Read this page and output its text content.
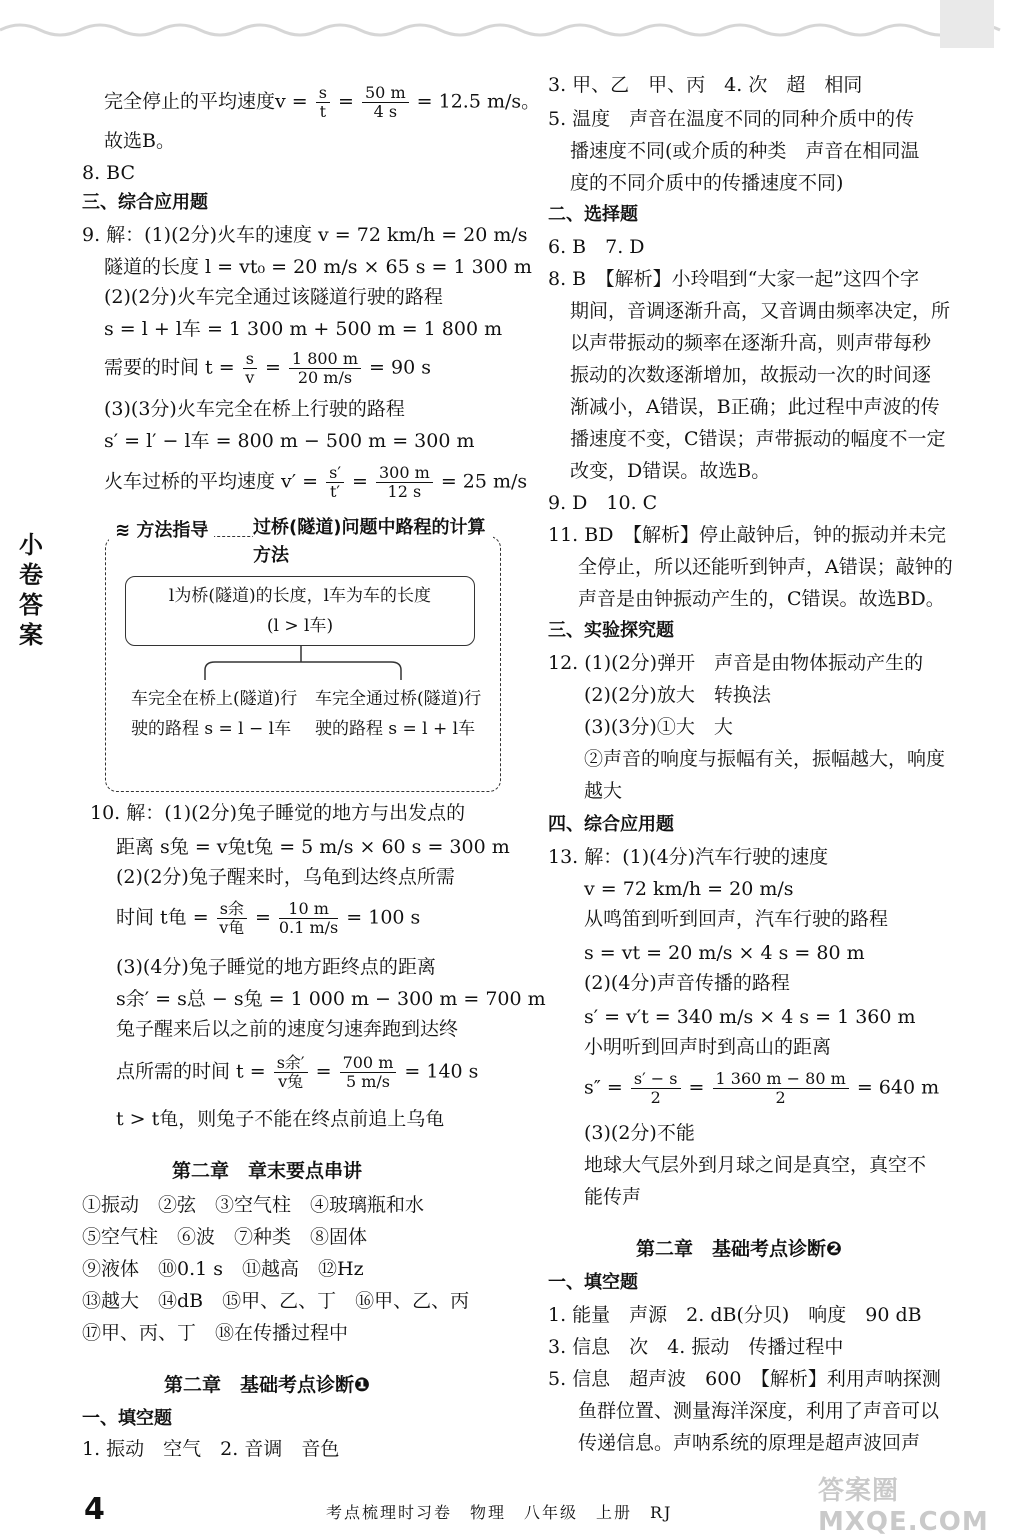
小卷答案
完全停止的平均速度$v = \frac{s}{t} = \frac{50 m}{4 s} = 12.5$ m/s。
故选B。
8. BC
三、综合应用题
9. 解：(1)(2分)火车的速度 v = 72 km/h = 20 m/s
隧道的长度 l = vt₀ = 20 m/s × 65 s = 1 300 m
(2)(2分)火车完全通过该隧道行驶的路程
s = l + l车 = 1 300 m + 500 m = 1 800 m
需要的时间 $t = \frac{s}{v} = \frac{1 800 m}{20 m/s} = 90$ s
(3)(3分)火车完全在桥上行驶的路程
s′ = l′ − l车 = 800 m − 500 m = 300 m
火车过桥的平均速度 $v' = \frac{s'}{t'} = \frac{300 m}{12 s} = 25$ m/s
10. 解：(1)(2分)兔子睡觉的地方与出发点的
距离 s兔 = v兔t兔 = 5 m/s × 60 s = 300 m
(2)(2分)兔子醒来时，乌龟到达终点所需
时间 t龟 = $\frac{\text{s余}}{\text{v龟}} = \frac{10 m}{0.1 m/s} = 100$ s
(3)(4分)兔子睡觉的地方距终点的距离
s余′ = s总 − s兔 = 1 000 m − 300 m = 700 m
兔子醒来后以之前的速度匀速奔跑到达终
点所需的时间 $t = \frac{\text{s余′}}{\text{v兔}} = \frac{700 m}{5 m/s} = 140$ s
t > t龟，则兔子不能在终点前追上乌龟
第二章　章末要点串讲
①振动　②弦　③空气柱　④玻璃瓶和水
⑤空气柱　⑥波　⑦种类　⑧固体
⑨液体　⑩0.1 s　⑪越高　⑫Hz
⑬越大　⑭dB　⑮甲、乙、丁　⑯甲、乙、丙
⑰甲、丙、丁　⑱在传播过程中
第二章　基础考点诊断❶
一、填空题
1. 振动　空气　2. 音调　音色
≋ 方法指导	过桥(隧道)问题中路程的计算方法
l为桥(隧道)的长度，l车为车的长度
(l > l车)
车完全在桥上(隧道)行驶的路程 s = l − l车
车完全通过桥(隧道)行驶的路程 s = l + l车
3. 甲、乙　甲、丙　4. 次　超　相同
5. 温度　声音在温度不同的同种介质中的传
播速度不同(或介质的种类　声音在相同温
度的不同介质中的传播速度不同)
二、选择题
6. B　7. D
8. B　【解析】小玲唱到“大家一起”这四个字
期间，音调逐渐升高，又音调由频率决定，所
以声带振动的频率在逐渐升高，则声带每秒
振动的次数逐渐增加，故振动一次的时间逐
渐减小，A错误，B正确；此过程中声波的传
播速度不变，C错误；声带振动的幅度不一定
改变，D错误。故选B。
9. D　10. C
11. BD　【解析】停止敲钟后，钟的振动并未完
全停止，所以还能听到钟声，A错误；敲钟的
声音是由钟振动产生的，C错误。故选BD。
三、实验探究题
12. (1)(2分)弹开　声音是由物体振动产生的
(2)(2分)放大　转换法
(3)(3分)①大　大
②声音的响度与振幅有关，振幅越大，响度
越大
四、综合应用题
13. 解：(1)(4分)汽车行驶的速度
v = 72 km/h = 20 m/s
从鸣笛到听到回声，汽车行驶的路程
s = vt = 20 m/s × 4 s = 80 m
(2)(4分)声音传播的路程
s′ = v′t = 340 m/s × 4 s = 1 360 m
小明听到回声时到高山的距离
$s'' = \frac{s' - s}{2} = \frac{1 360 m - 80 m}{2} = 640$ m
(3)(2分)不能
地球大气层外到月球之间是真空，真空不
能传声
第二章　基础考点诊断❷
一、填空题
1. 能量　声源　2. dB(分贝)　响度　90 dB
3. 信息　次　4. 振动　传播过程中
5. 信息　超声波　600　【解析】利用声呐探测
鱼群位置、测量海洋深度，利用了声音可以
传递信息。声呐系统的原理是超声波回声
4	考点梳理时习卷　物理　八年级　上册　RJ
答案圈 MXQE.COM
